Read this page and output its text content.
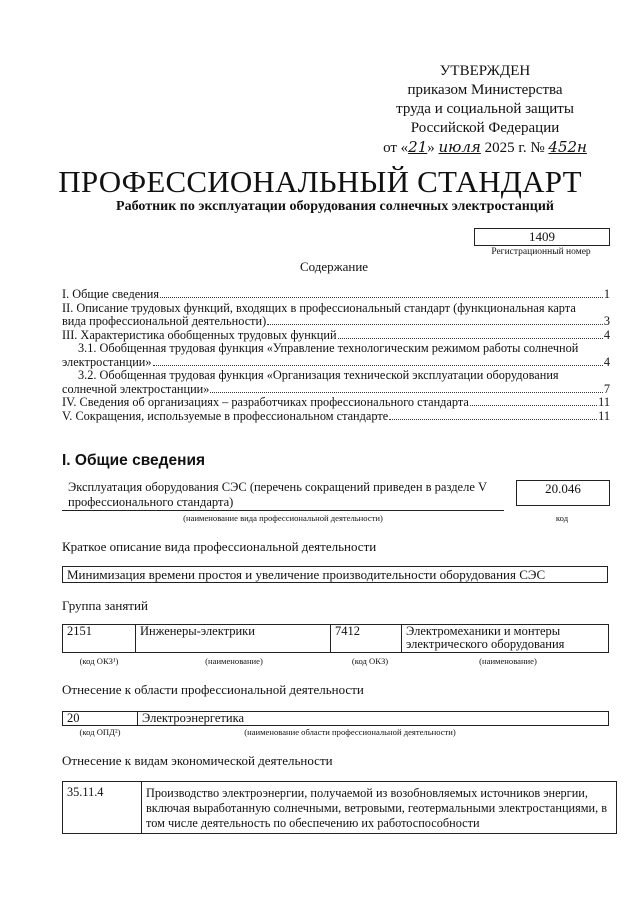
УТВЕРЖДЕН
приказом Министерства
труда и социальной защиты
Российской Федерации
от «21» июля 2025 г. № 452н
ПРОФЕССИОНАЛЬНЫЙ СТАНДАРТ
Работник по эксплуатации оборудования солнечных электростанций
1409
Регистрационный номер
Содержание
I. Общие сведения	1
II. Описание трудовых функций, входящих в профессиональный стандарт (функциональная карта
вида профессиональной деятельности)	3
III. Характеристика обобщенных трудовых функций	4
3.1. Обобщенная трудовая функция «Управление технологическим режимом работы солнечной
электростанции»	4
3.2. Обобщенная трудовая функция «Организация технической эксплуатации оборудования
солнечной электростанции»	7
IV. Сведения об организациях – разработчиках профессионального стандарта	11
V. Сокращения, используемые в профессиональном стандарте	11
I. Общие сведения
Эксплуатация оборудования СЭС (перечень сокращений приведен в разделе V профессионального стандарта)
20.046
(наименование вида профессиональной деятельности)	код
Краткое описание вида профессиональной деятельности
Минимизация времени простоя и увеличение производительности оборудования СЭС
Группа занятий
2151	Инженеры-электрики	7412	Электромеханики и монтеры электрического оборудования
(код ОКЗ¹)	(наименование)	(код ОКЗ)	(наименование)
Отнесение к области профессиональной деятельности
20	Электроэнергетика
(код ОПД²)	(наименование области профессиональной деятельности)
Отнесение к видам экономической деятельности
35.11.4	Производство электроэнергии, получаемой из возобновляемых источников энергии, включая выработанную солнечными, ветровыми, геотермальными электростанциями, в том числе деятельность по обеспечению их работоспособности
